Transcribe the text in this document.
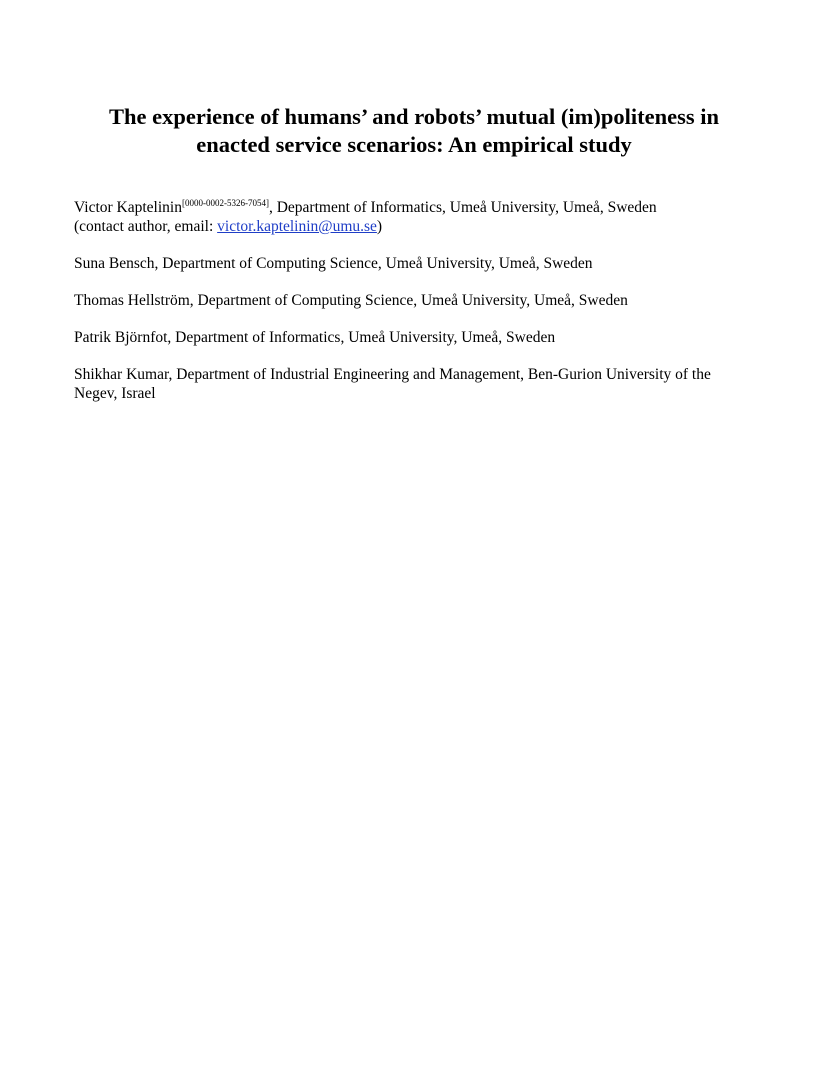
The experience of humans’ and robots’ mutual (im)politeness in
enacted service scenarios: An empirical study
Victor Kaptelinin[0000-0002-5326-7054], Department of Informatics, Umeå University, Umeå, Sweden
(contact author, email: victor.kaptelinin@umu.se)
Suna Bensch, Department of Computing Science, Umeå University, Umeå, Sweden
Thomas Hellström, Department of Computing Science, Umeå University, Umeå, Sweden
Patrik Björnfot, Department of Informatics, Umeå University, Umeå, Sweden
Shikhar Kumar, Department of Industrial Engineering and Management, Ben-Gurion University of the
Negev, Israel
